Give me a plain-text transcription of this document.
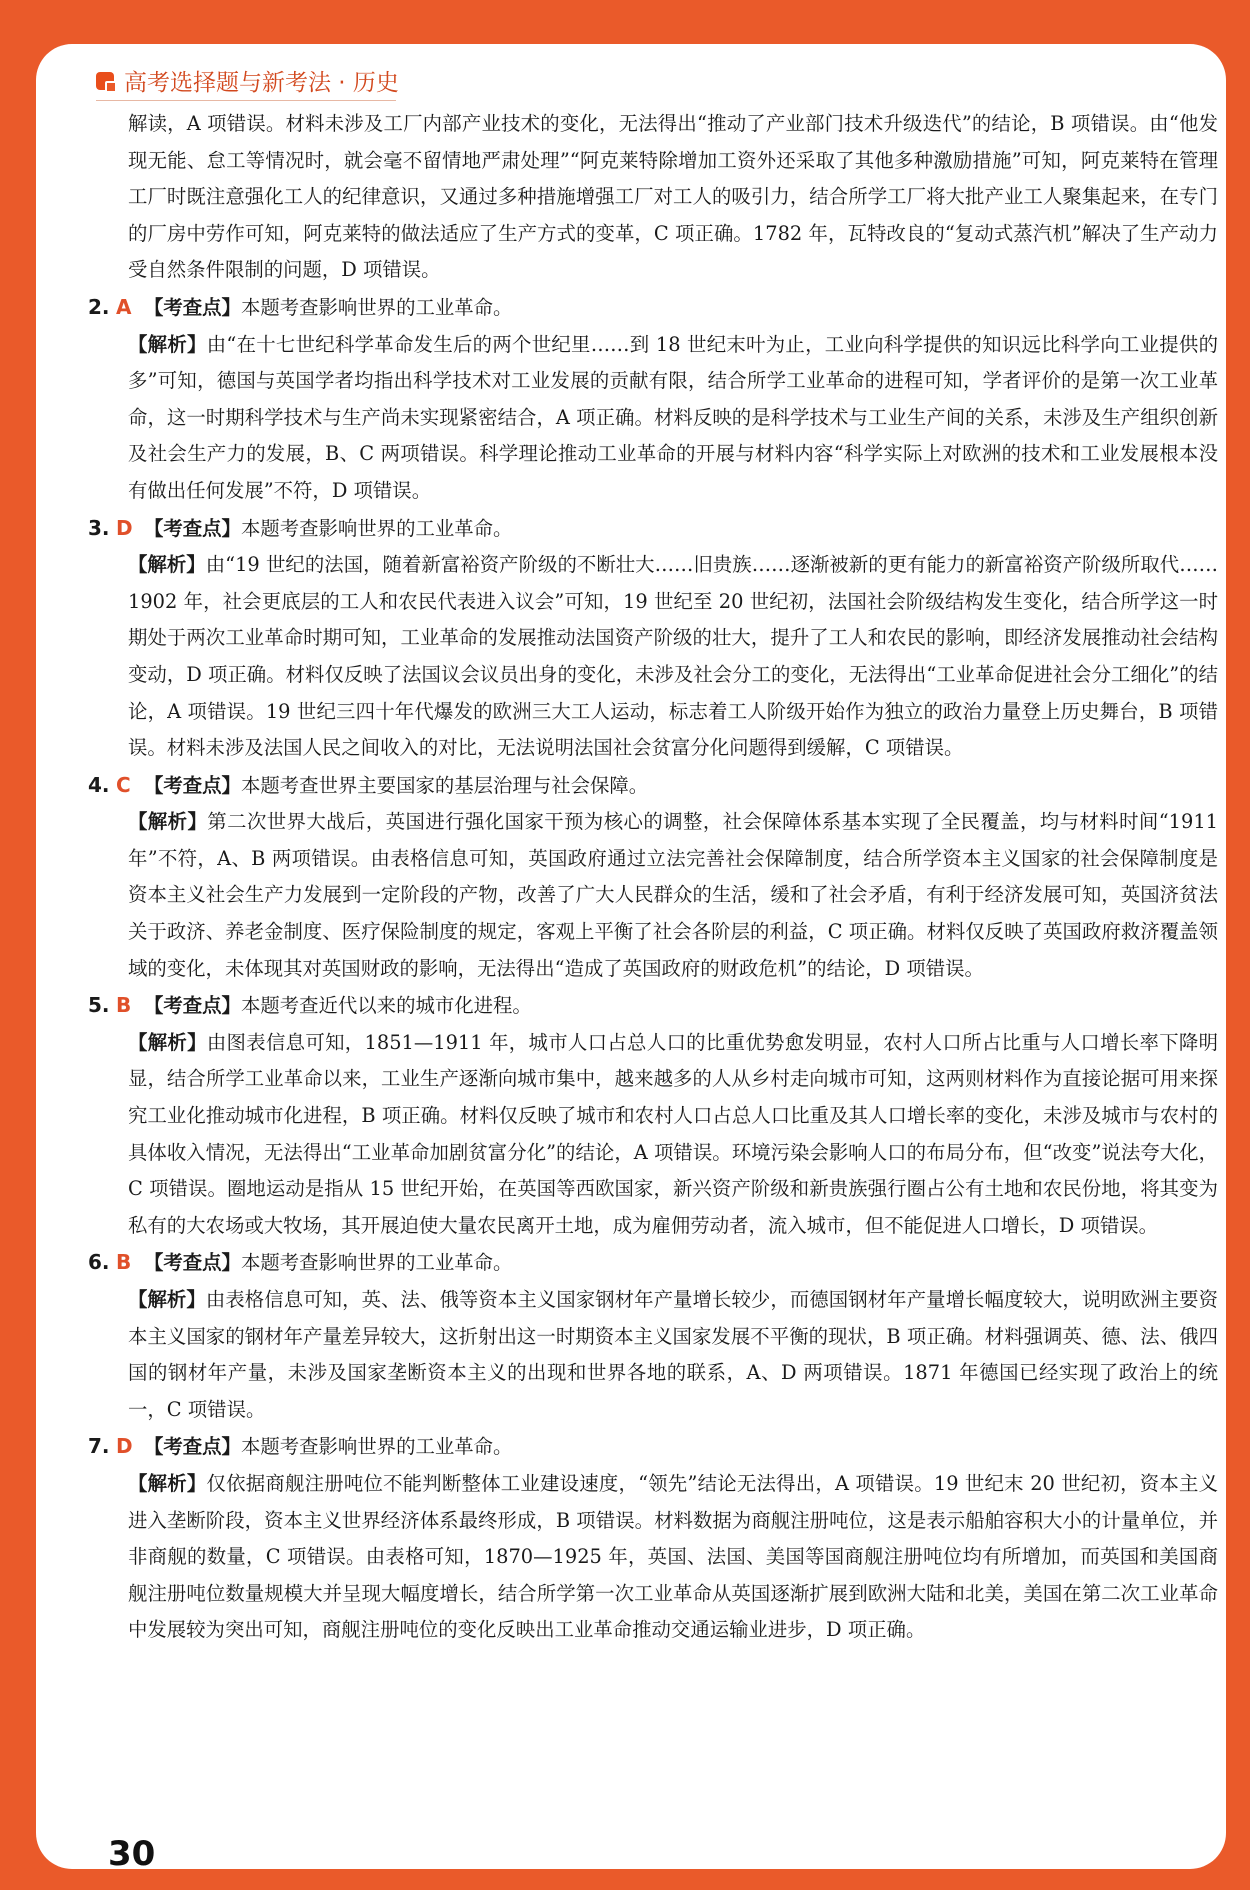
高考选择题与新考法 · 历史
解读，A 项错误。材料未涉及工厂内部产业技术的变化，无法得出“推动了产业部门技术升级迭代”的结论，B 项错误。由“他发现无能、怠工等情况时，就会毫不留情地严肃处理”“阿克莱特除增加工资外还采取了其他多种激励措施”可知，阿克莱特在管理工厂时既注意强化工人的纪律意识，又通过多种措施增强工厂对工人的吸引力，结合所学工厂将大批产业工人聚集起来，在专门的厂房中劳作可知，阿克莱特的做法适应了生产方式的变革，C 项正确。1782 年，瓦特改良的“复动式蒸汽机”解决了生产动力受自然条件限制的问题，D 项错误。
2. A 【考查点】 本题考查影响世界的工业革命。
【解析】由“在十七世纪科学革命发生后的两个世纪里……到 18 世纪末叶为止，工业向科学提供的知识远比科学向工业提供的多”可知，德国与英国学者均指出科学技术对工业发展的贡献有限，结合所学工业革命的进程可知，学者评价的是第一次工业革命，这一时期科学技术与生产尚未实现紧密结合，A 项正确。材料反映的是科学技术与工业生产间的关系，未涉及生产组织创新及社会生产力的发展，B、C 两项错误。科学理论推动工业革命的开展与材料内容“科学实际上对欧洲的技术和工业发展根本没有做出任何发展”不符，D 项错误。
3. D 【考查点】 本题考查影响世界的工业革命。
【解析】由“19 世纪的法国，随着新富裕资产阶级的不断壮大……旧贵族……逐渐被新的更有能力的新富裕资产阶级所取代……1902 年，社会更底层的工人和农民代表进入议会”可知，19 世纪至 20 世纪初，法国社会阶级结构发生变化，结合所学这一时期处于两次工业革命时期可知，工业革命的发展推动法国资产阶级的壮大，提升了工人和农民的影响，即经济发展推动社会结构变动，D 项正确。材料仅反映了法国议会议员出身的变化，未涉及社会分工的变化，无法得出“工业革命促进社会分工细化”的结论，A 项错误。19 世纪三四十年代爆发的欧洲三大工人运动，标志着工人阶级开始作为独立的政治力量登上历史舞台，B 项错误。材料未涉及法国人民之间收入的对比，无法说明法国社会贫富分化问题得到缓解，C 项错误。
4. C 【考查点】 本题考查世界主要国家的基层治理与社会保障。
【解析】第二次世界大战后，英国进行强化国家干预为核心的调整，社会保障体系基本实现了全民覆盖，均与材料时间“1911 年”不符，A、B 两项错误。由表格信息可知，英国政府通过立法完善社会保障制度，结合所学资本主义国家的社会保障制度是资本主义社会生产力发展到一定阶段的产物，改善了广大人民群众的生活，缓和了社会矛盾，有利于经济发展可知，英国济贫法关于政济、养老金制度、医疗保险制度的规定，客观上平衡了社会各阶层的利益，C 项正确。材料仅反映了英国政府救济覆盖领域的变化，未体现其对英国财政的影响，无法得出“造成了英国政府的财政危机”的结论，D 项错误。
5. B 【考查点】 本题考查近代以来的城市化进程。
【解析】由图表信息可知，1851—1911 年，城市人口占总人口的比重优势愈发明显，农村人口所占比重与人口增长率下降明显，结合所学工业革命以来，工业生产逐渐向城市集中，越来越多的人从乡村走向城市可知，这两则材料作为直接论据可用来探究工业化推动城市化进程，B 项正确。材料仅反映了城市和农村人口占总人口比重及其人口增长率的变化，未涉及城市与农村的具体收入情况，无法得出“工业革命加剧贫富分化”的结论，A 项错误。环境污染会影响人口的布局分布，但“改变”说法夸大化，C 项错误。圈地运动是指从 15 世纪开始，在英国等西欧国家，新兴资产阶级和新贵族强行圈占公有土地和农民份地，将其变为私有的大农场或大牧场，其开展迫使大量农民离开土地，成为雇佣劳动者，流入城市，但不能促进人口增长，D 项错误。
6. B 【考查点】 本题考查影响世界的工业革命。
【解析】由表格信息可知，英、法、俄等资本主义国家钢材年产量增长较少，而德国钢材年产量增长幅度较大，说明欧洲主要资本主义国家的钢材年产量差异较大，这折射出这一时期资本主义国家发展不平衡的现状，B 项正确。材料强调英、德、法、俄四国的钢材年产量，未涉及国家垄断资本主义的出现和世界各地的联系，A、D 两项错误。1871 年德国已经实现了政治上的统一，C 项错误。
7. D 【考查点】 本题考查影响世界的工业革命。
【解析】仅依据商舰注册吨位不能判断整体工业建设速度，“领先”结论无法得出，A 项错误。19 世纪末 20 世纪初，资本主义进入垄断阶段，资本主义世界经济体系最终形成，B 项错误。材料数据为商舰注册吨位，这是表示船舶容积大小的计量单位，并非商舰的数量，C 项错误。由表格可知，1870—1925 年，英国、法国、美国等国商舰注册吨位均有所增加，而英国和美国商舰注册吨位数量规模大并呈现大幅度增长，结合所学第一次工业革命从英国逐渐扩展到欧洲大陆和北美，美国在第二次工业革命中发展较为突出可知，商舰注册吨位的变化反映出工业革命推动交通运输业进步，D 项正确。
30
